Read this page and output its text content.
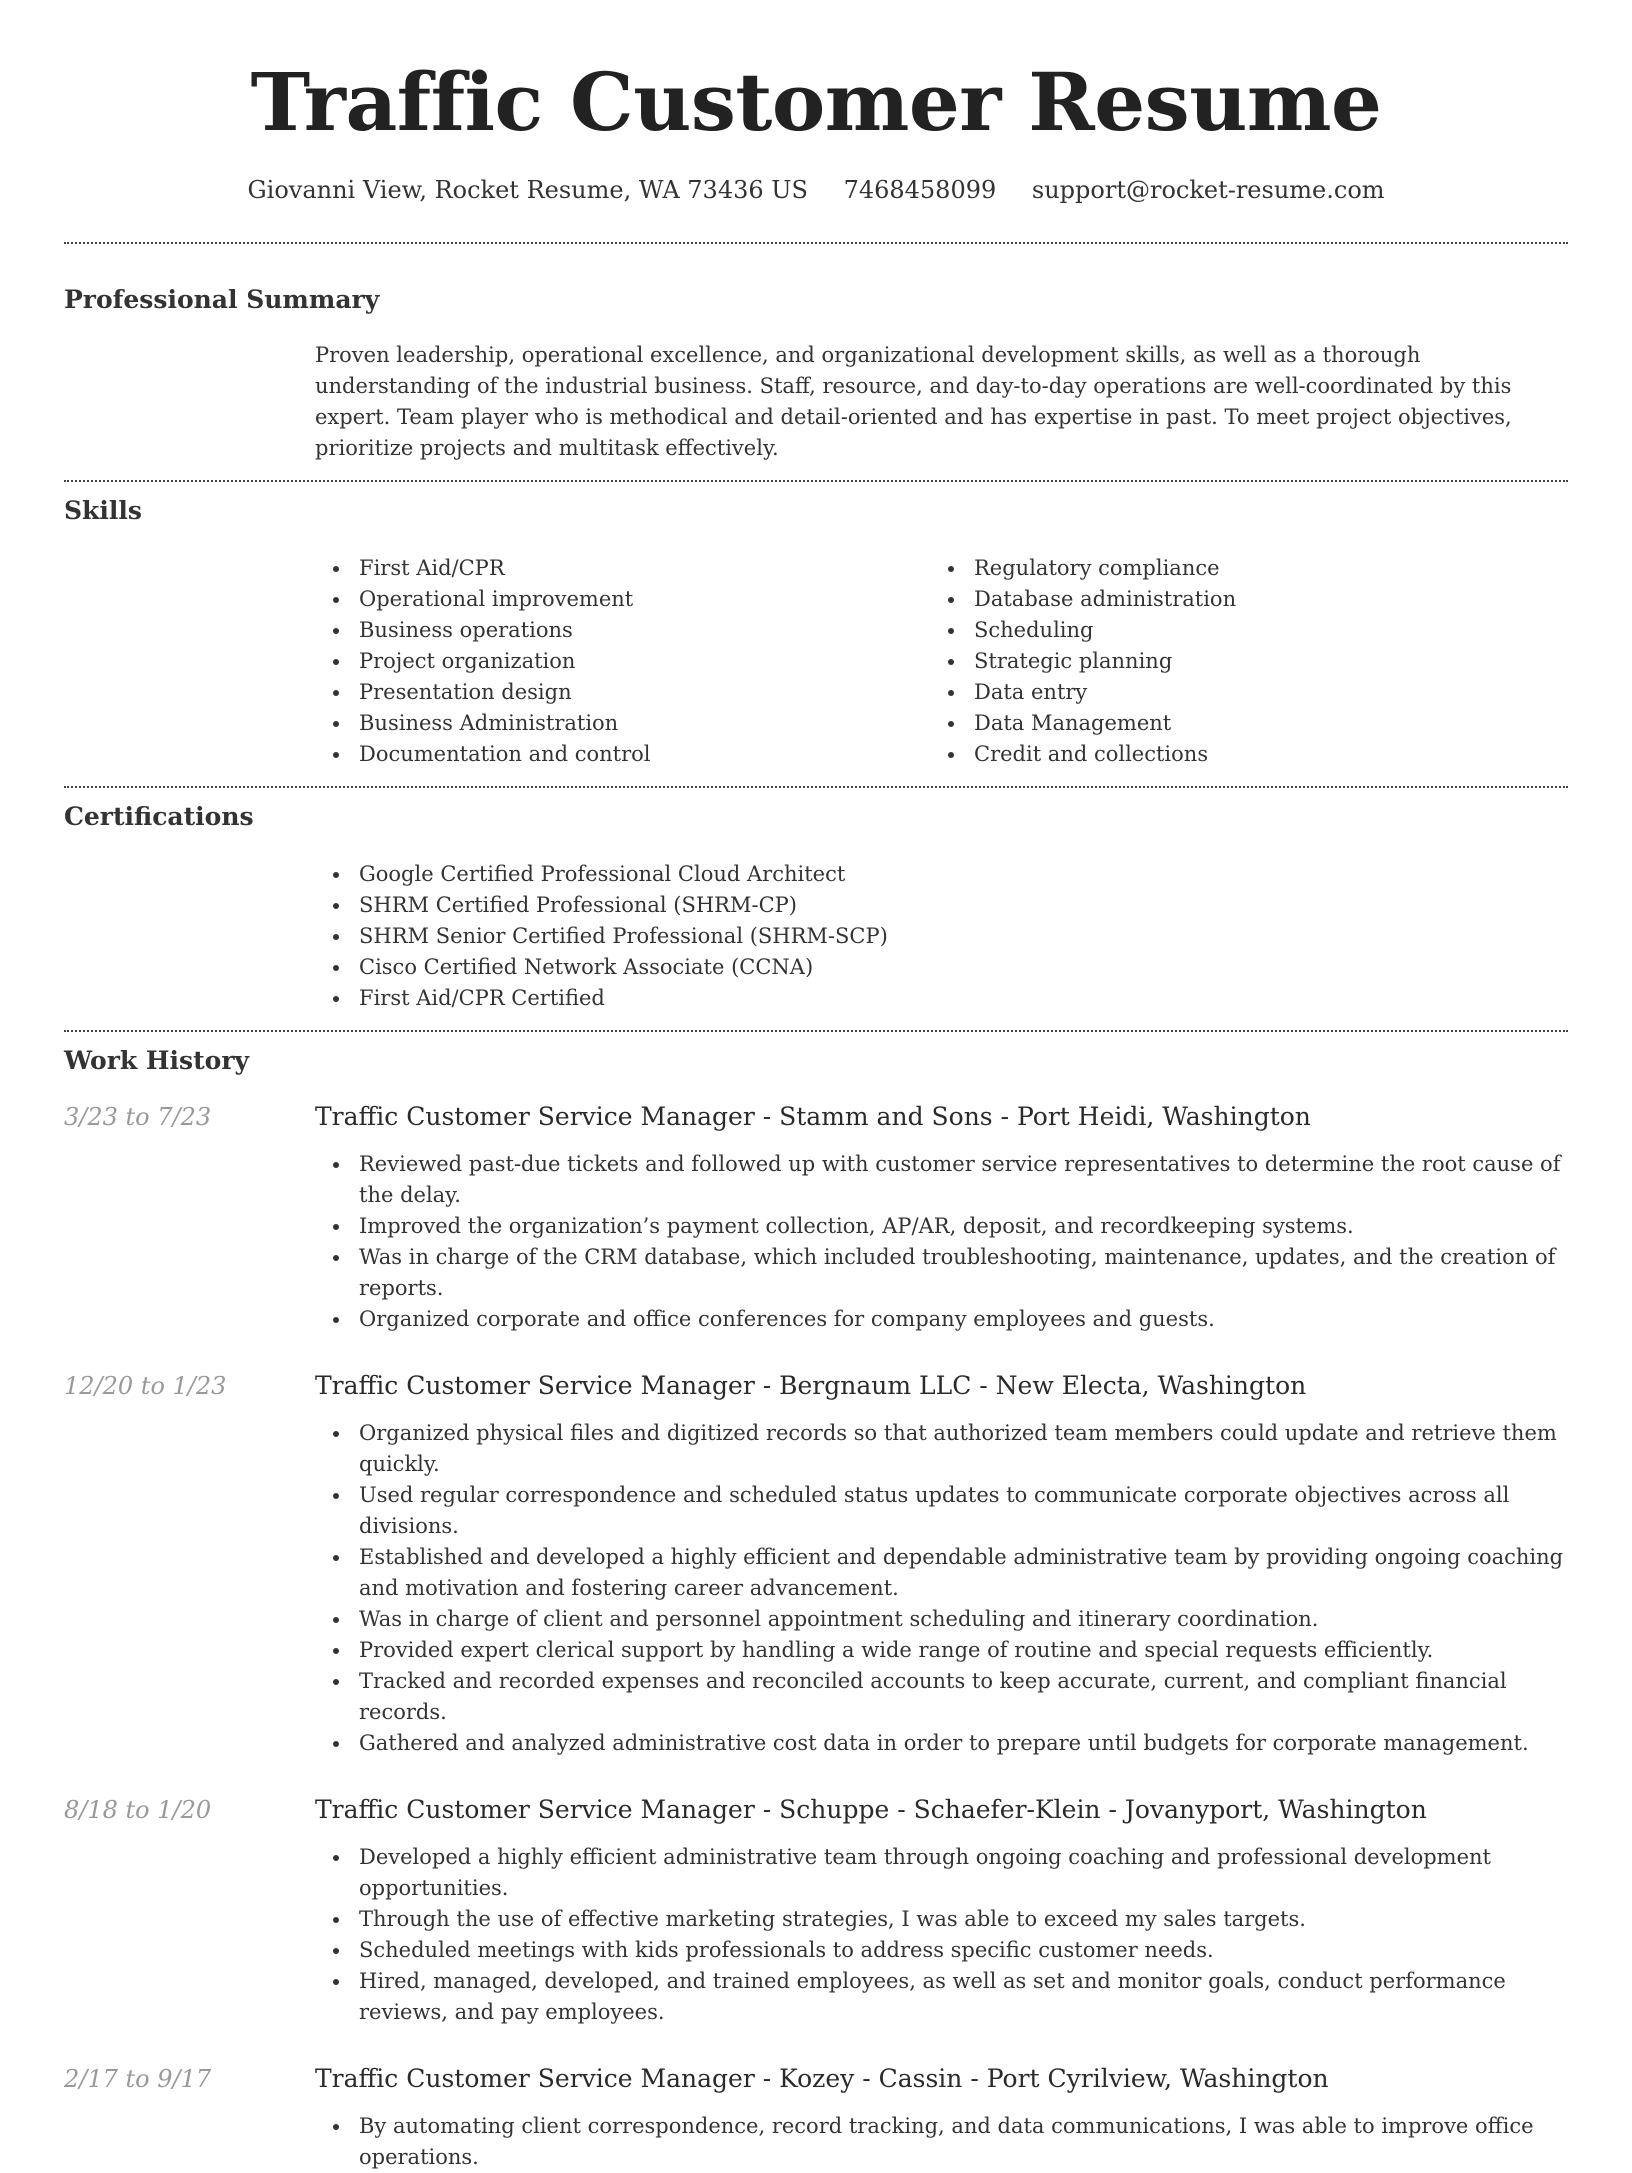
Traffic Customer Resume
Giovanni View, Rocket Resume, WA 73436 US 7468458099 support@rocket-resume.com
Professional Summary

Proven leadership, operational excellence, and organizational development skills, as well as a thorough understanding of the industrial business. Staff, resource, and day-to-day operations are well-coordinated by this expert. Team player who is methodical and detail-oriented and has expertise in past. To meet project objectives, prioritize projects and multitask effectively.

Skills
First Aid/CPR
Operational improvement
Business operations
Project organization
Presentation design
Business Administration
Documentation and control
Regulatory compliance
Database administration
Scheduling
Strategic planning
Data entry
Data Management
Credit and collections
Certifications
Google Certified Professional Cloud Architect
SHRM Certified Professional (SHRM-CP)
SHRM Senior Certified Professional (SHRM-SCP)
Cisco Certified Network Associate (CCNA)
First Aid/CPR Certified
Work History
3/23 to 7/23	Traffic Customer Service Manager - Stamm and Sons - Port Heidi, Washington
Reviewed past-due tickets and followed up with customer service representatives to determine the root cause of the delay.
Improved the organization’s payment collection, AP/AR, deposit, and recordkeeping systems.
Was in charge of the CRM database, which included troubleshooting, maintenance, updates, and the creation of reports.
Organized corporate and office conferences for company employees and guests.
12/20 to 1/23	Traffic Customer Service Manager - Bergnaum LLC - New Electa, Washington
Organized physical files and digitized records so that authorized team members could update and retrieve them quickly.
Used regular correspondence and scheduled status updates to communicate corporate objectives across all divisions.
Established and developed a highly efficient and dependable administrative team by providing ongoing coaching and motivation and fostering career advancement.
Was in charge of client and personnel appointment scheduling and itinerary coordination.
Provided expert clerical support by handling a wide range of routine and special requests efficiently.
Tracked and recorded expenses and reconciled accounts to keep accurate, current, and compliant financial records.
Gathered and analyzed administrative cost data in order to prepare until budgets for corporate management.
8/18 to 1/20	Traffic Customer Service Manager - Schuppe - Schaefer-Klein - Jovanyport, Washington
Developed a highly efficient administrative team through ongoing coaching and professional development opportunities.
Through the use of effective marketing strategies, I was able to exceed my sales targets.
Scheduled meetings with kids professionals to address specific customer needs.
Hired, managed, developed, and trained employees, as well as set and monitor goals, conduct performance reviews, and pay employees.
2/17 to 9/17	Traffic Customer Service Manager - Kozey - Cassin - Port Cyrilview, Washington
By automating client correspondence, record tracking, and data communications, I was able to improve office operations.
